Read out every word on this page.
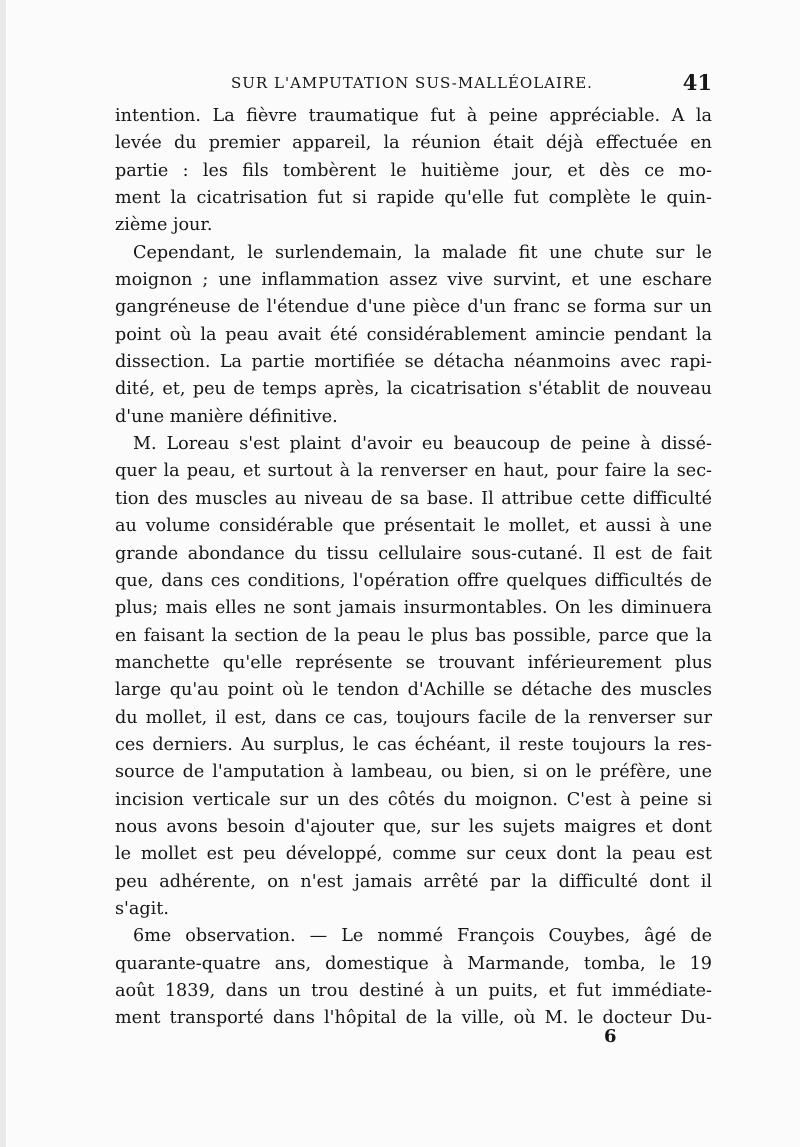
SUR L'AMPUTATION SUS-MALLÉOLAIRE.	41
intention. La fièvre traumatique fut à peine appréciable. A la
levée du premier appareil, la réunion était déjà effectuée en
partie : les fils tombèrent le huitième jour, et dès ce mo-
ment la cicatrisation fut si rapide qu'elle fut complète le quin-
zième jour.
Cependant, le surlendemain, la malade fit une chute sur le
moignon ; une inflammation assez vive survint, et une eschare
gangréneuse de l'étendue d'une pièce d'un franc se forma sur un
point où la peau avait été considérablement amincie pendant la
dissection. La partie mortifiée se détacha néanmoins avec rapi-
dité, et, peu de temps après, la cicatrisation s'établit de nouveau
d'une manière définitive.
M. Loreau s'est plaint d'avoir eu beaucoup de peine à dissé-
quer la peau, et surtout à la renverser en haut, pour faire la sec-
tion des muscles au niveau de sa base. Il attribue cette difficulté
au volume considérable que présentait le mollet, et aussi à une
grande abondance du tissu cellulaire sous-cutané. Il est de fait
que, dans ces conditions, l'opération offre quelques difficultés de
plus; mais elles ne sont jamais insurmontables. On les diminuera
en faisant la section de la peau le plus bas possible, parce que la
manchette qu'elle représente se trouvant inférieurement plus
large qu'au point où le tendon d'Achille se détache des muscles
du mollet, il est, dans ce cas, toujours facile de la renverser sur
ces derniers. Au surplus, le cas échéant, il reste toujours la res-
source de l'amputation à lambeau, ou bien, si on le préfère, une
incision verticale sur un des côtés du moignon. C'est à peine si
nous avons besoin d'ajouter que, sur les sujets maigres et dont
le mollet est peu développé, comme sur ceux dont la peau est
peu adhérente, on n'est jamais arrêté par la difficulté dont il
s'agit.
6me observation. — Le nommé François Couybes, âgé de
quarante-quatre ans, domestique à Marmande, tomba, le 19
août 1839, dans un trou destiné à un puits, et fut immédiate-
ment transporté dans l'hôpital de la ville, où M. le docteur Du-
6
